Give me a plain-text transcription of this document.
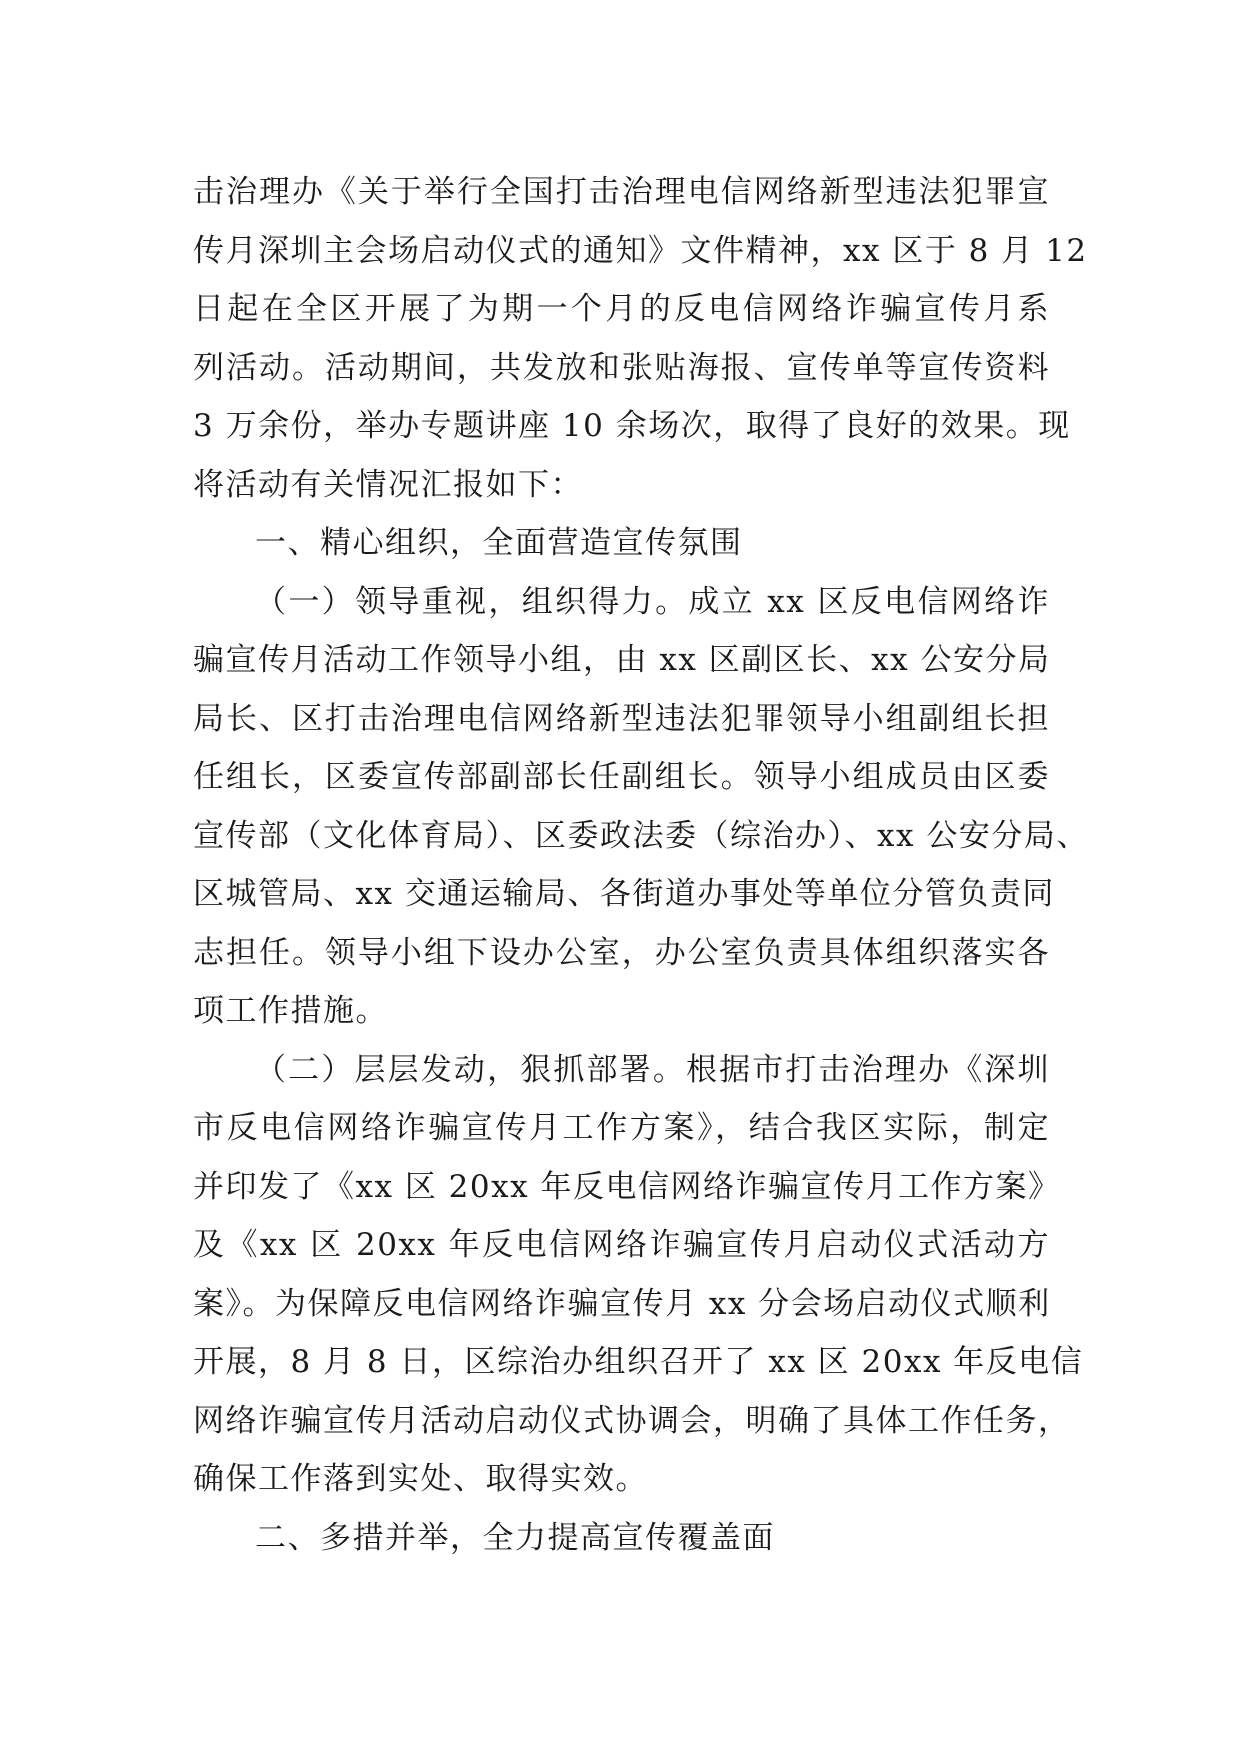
击治理办《关于举行全国打击治理电信网络新型违法犯罪宣
传月深圳主会场启动仪式的通知》文件精神，xx 区于 8 月 12
日起在全区开展了为期一个月的反电信网络诈骗宣传月系
列活动。活动期间，共发放和张贴海报、宣传单等宣传资料
3 万余份，举办专题讲座 10 余场次，取得了良好的效果。现
将活动有关情况汇报如下：
一、精心组织，全面营造宣传氛围
（一）领导重视，组织得力。成立 xx 区反电信网络诈
骗宣传月活动工作领导小组，由 xx 区副区长、xx 公安分局
局长、区打击治理电信网络新型违法犯罪领导小组副组长担
任组长，区委宣传部副部长任副组长。领导小组成员由区委
宣传部（文化体育局）、区委政法委（综治办）、xx 公安分局、
区城管局、xx 交通运输局、各街道办事处等单位分管负责同
志担任。领导小组下设办公室，办公室负责具体组织落实各
项工作措施。
（二）层层发动，狠抓部署。根据市打击治理办《深圳
市反电信网络诈骗宣传月工作方案》，结合我区实际，制定
并印发了《xx 区 20xx 年反电信网络诈骗宣传月工作方案》
及《xx 区 20xx 年反电信网络诈骗宣传月启动仪式活动方
案》。为保障反电信网络诈骗宣传月 xx 分会场启动仪式顺利
开展，8 月 8 日，区综治办组织召开了 xx 区 20xx 年反电信
网络诈骗宣传月活动启动仪式协调会，明确了具体工作任务，
确保工作落到实处、取得实效。
二、多措并举，全力提高宣传覆盖面
